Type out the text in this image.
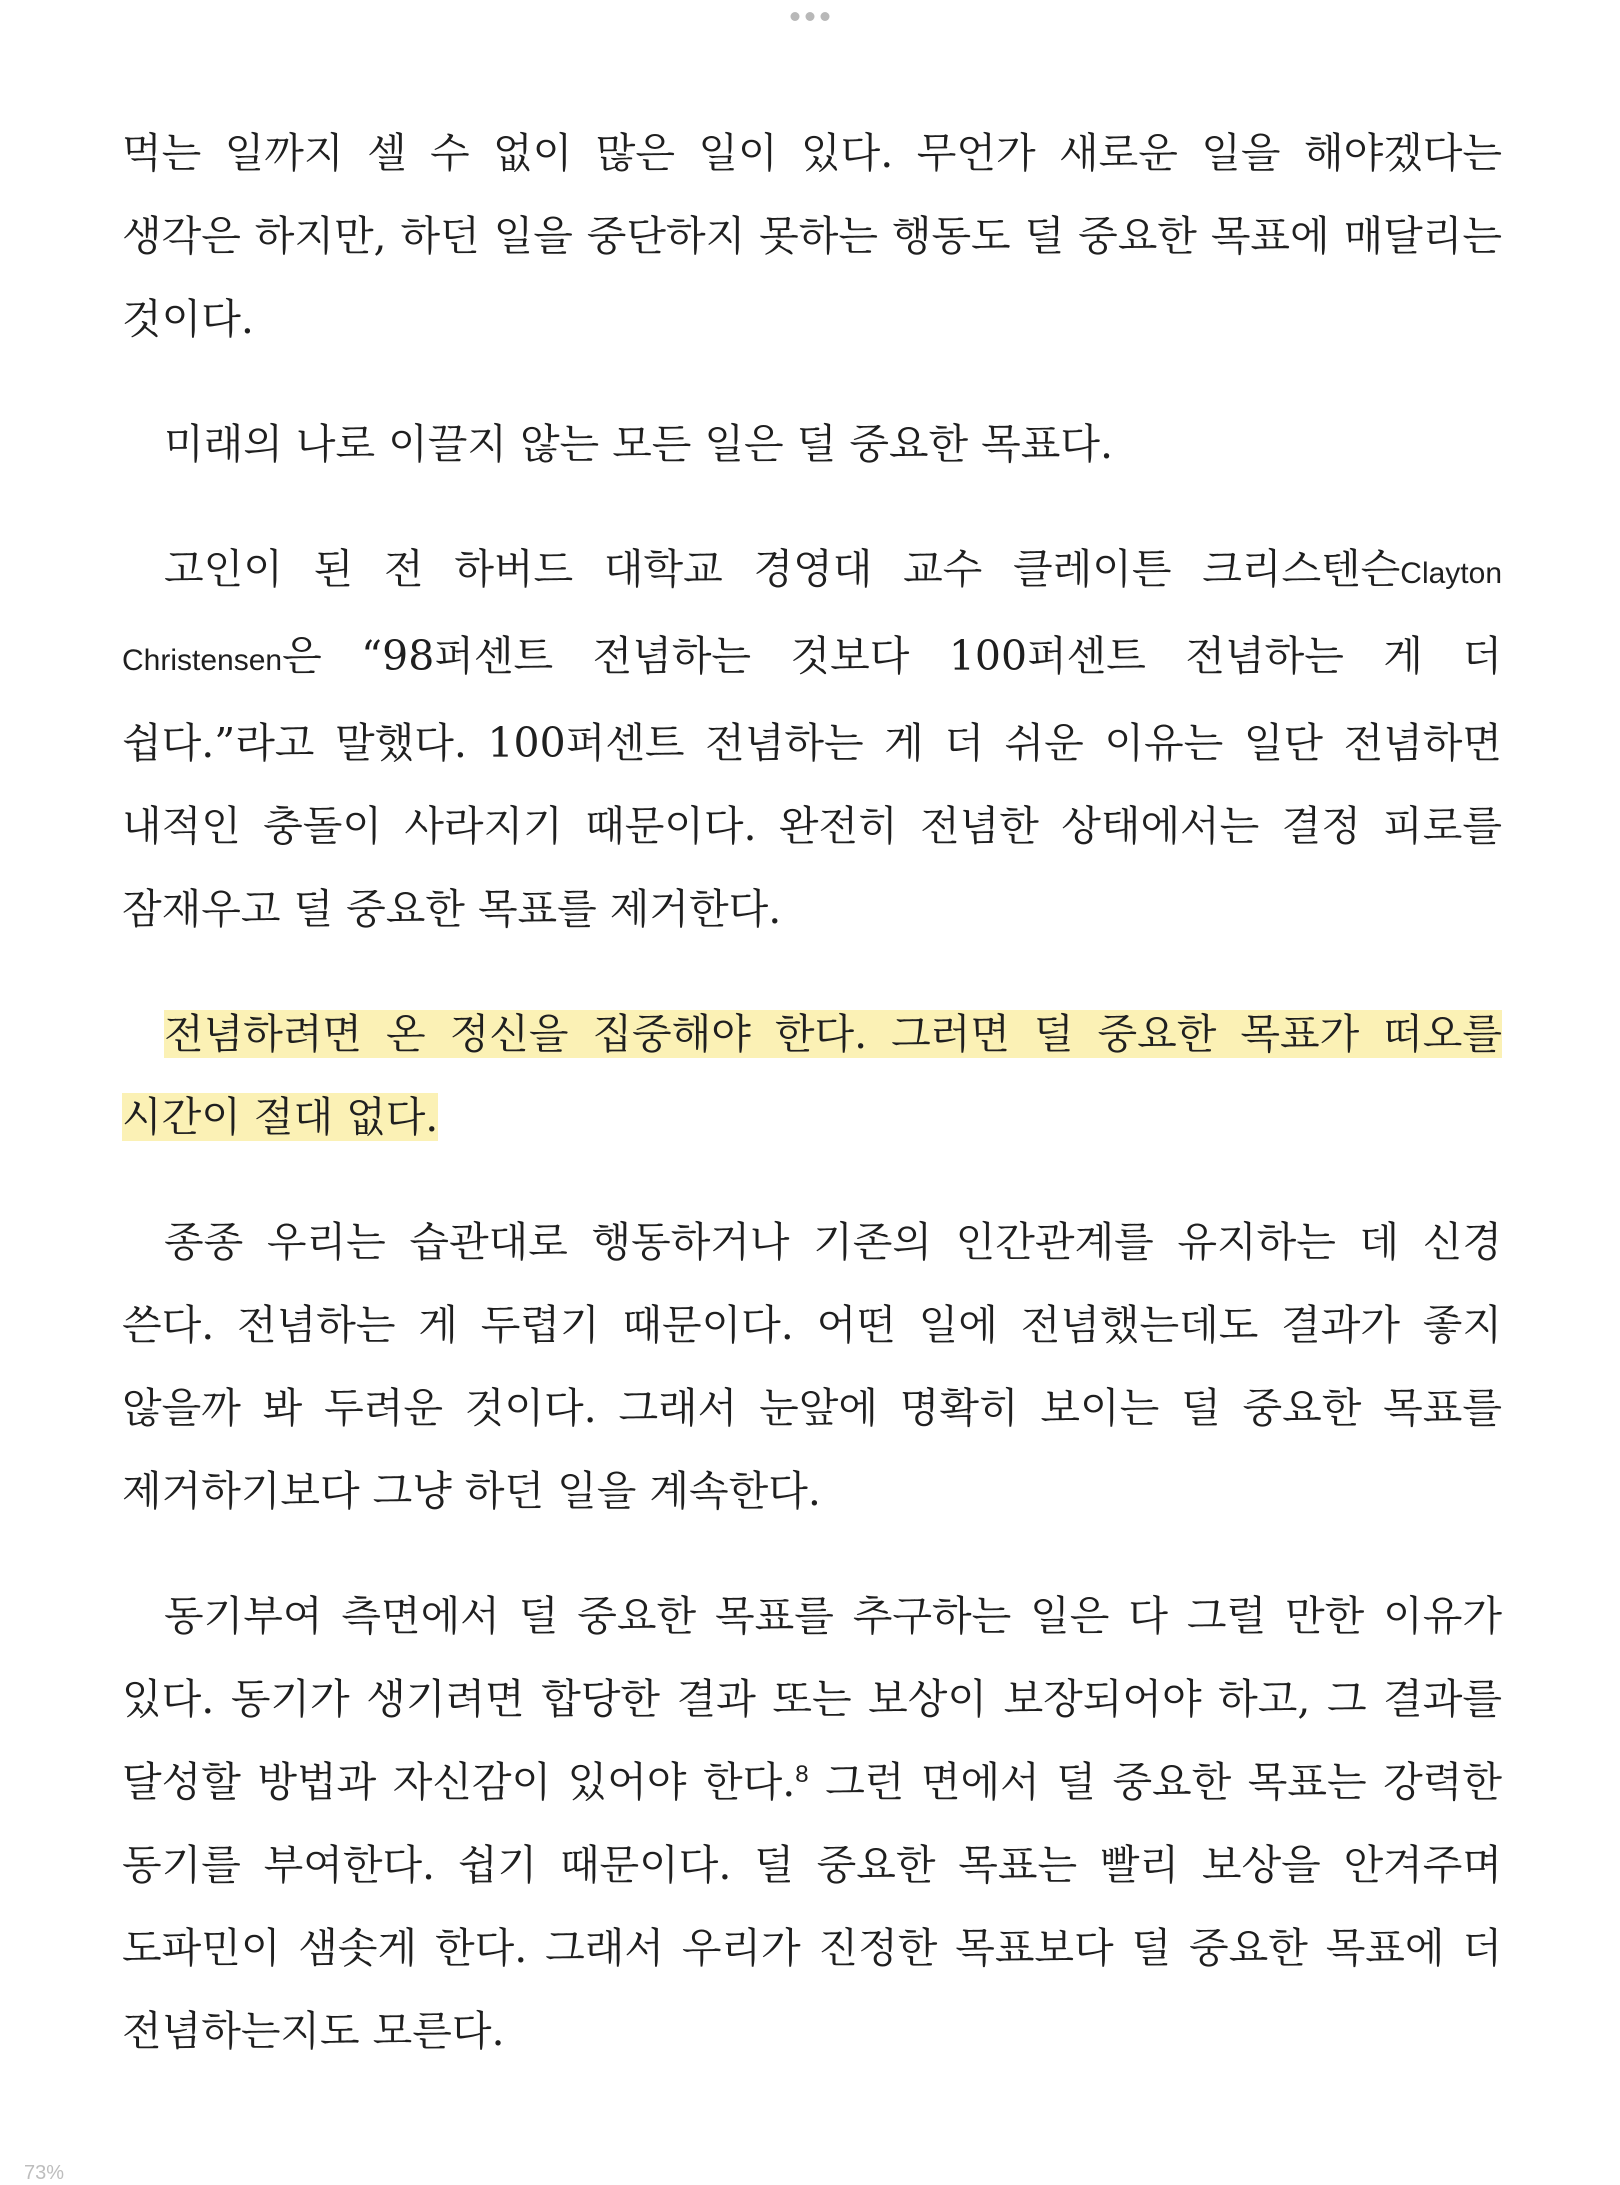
먹는 일까지 셀 수 없이 많은 일이 있다. 무언가 새로운 일을 해야겠다는 생각은 하지만, 하던 일을 중단하지 못하는 행동도 덜 중요한 목표에 매달리는 것이다.

미래의 나로 이끌지 않는 모든 일은 덜 중요한 목표다.

고인이 된 전 하버드 대학교 경영대 교수 클레이튼 크리스텐슨Clayton Christensen은 “98퍼센트 전념하는 것보다 100퍼센트 전념하는 게 더 쉽다.”라고 말했다. 100퍼센트 전념하는 게 더 쉬운 이유는 일단 전념하면 내적인 충돌이 사라지기 때문이다. 완전히 전념한 상태에서는 결정 피로를 잠재우고 덜 중요한 목표를 제거한다.

전념하려면 온 정신을 집중해야 한다. 그러면 덜 중요한 목표가 떠오를 시간이 절대 없다.

종종 우리는 습관대로 행동하거나 기존의 인간관계를 유지하는 데 신경 쓴다. 전념하는 게 두렵기 때문이다. 어떤 일에 전념했는데도 결과가 좋지 않을까 봐 두려운 것이다. 그래서 눈앞에 명확히 보이는 덜 중요한 목표를 제거하기보다 그냥 하던 일을 계속한다.

동기부여 측면에서 덜 중요한 목표를 추구하는 일은 다 그럴 만한 이유가 있다. 동기가 생기려면 합당한 결과 또는 보상이 보장되어야 하고, 그 결과를 달성할 방법과 자신감이 있어야 한다.$^8$ 그런 면에서 덜 중요한 목표는 강력한 동기를 부여한다. 쉽기 때문이다. 덜 중요한 목표는 빨리 보상을 안겨주며 도파민이 샘솟게 한다. 그래서 우리가 진정한 목표보다 덜 중요한 목표에 더 전념하는지도 모른다.

73%
